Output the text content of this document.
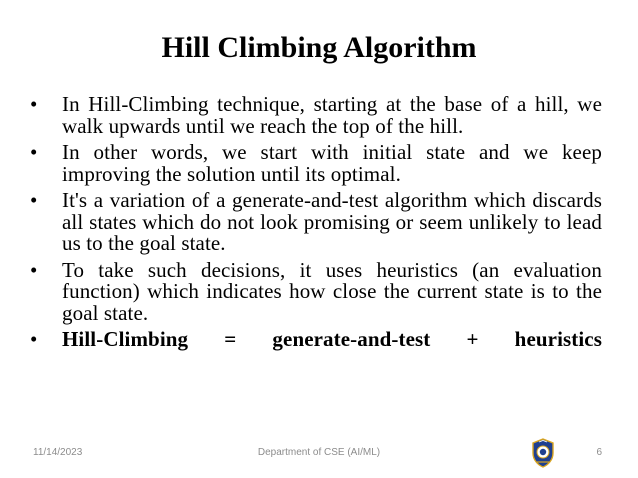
Hill Climbing Algorithm
•	In Hill-Climbing technique, starting at the base of a hill, we walk upwards until we reach the top of the hill.
•	In other words, we start with initial state and we keep improving the solution until its optimal.
•	It's a variation of a generate-and-test algorithm which discards all states which do not look promising or seem unlikely to lead us to the goal state.
•	To take such decisions, it uses heuristics (an evaluation function) which indicates how close the current state is to the goal state.
•	Hill-Climbing = generate-and-test + heuristics
11/14/2023	Department of CSE (AI/ML)	6
